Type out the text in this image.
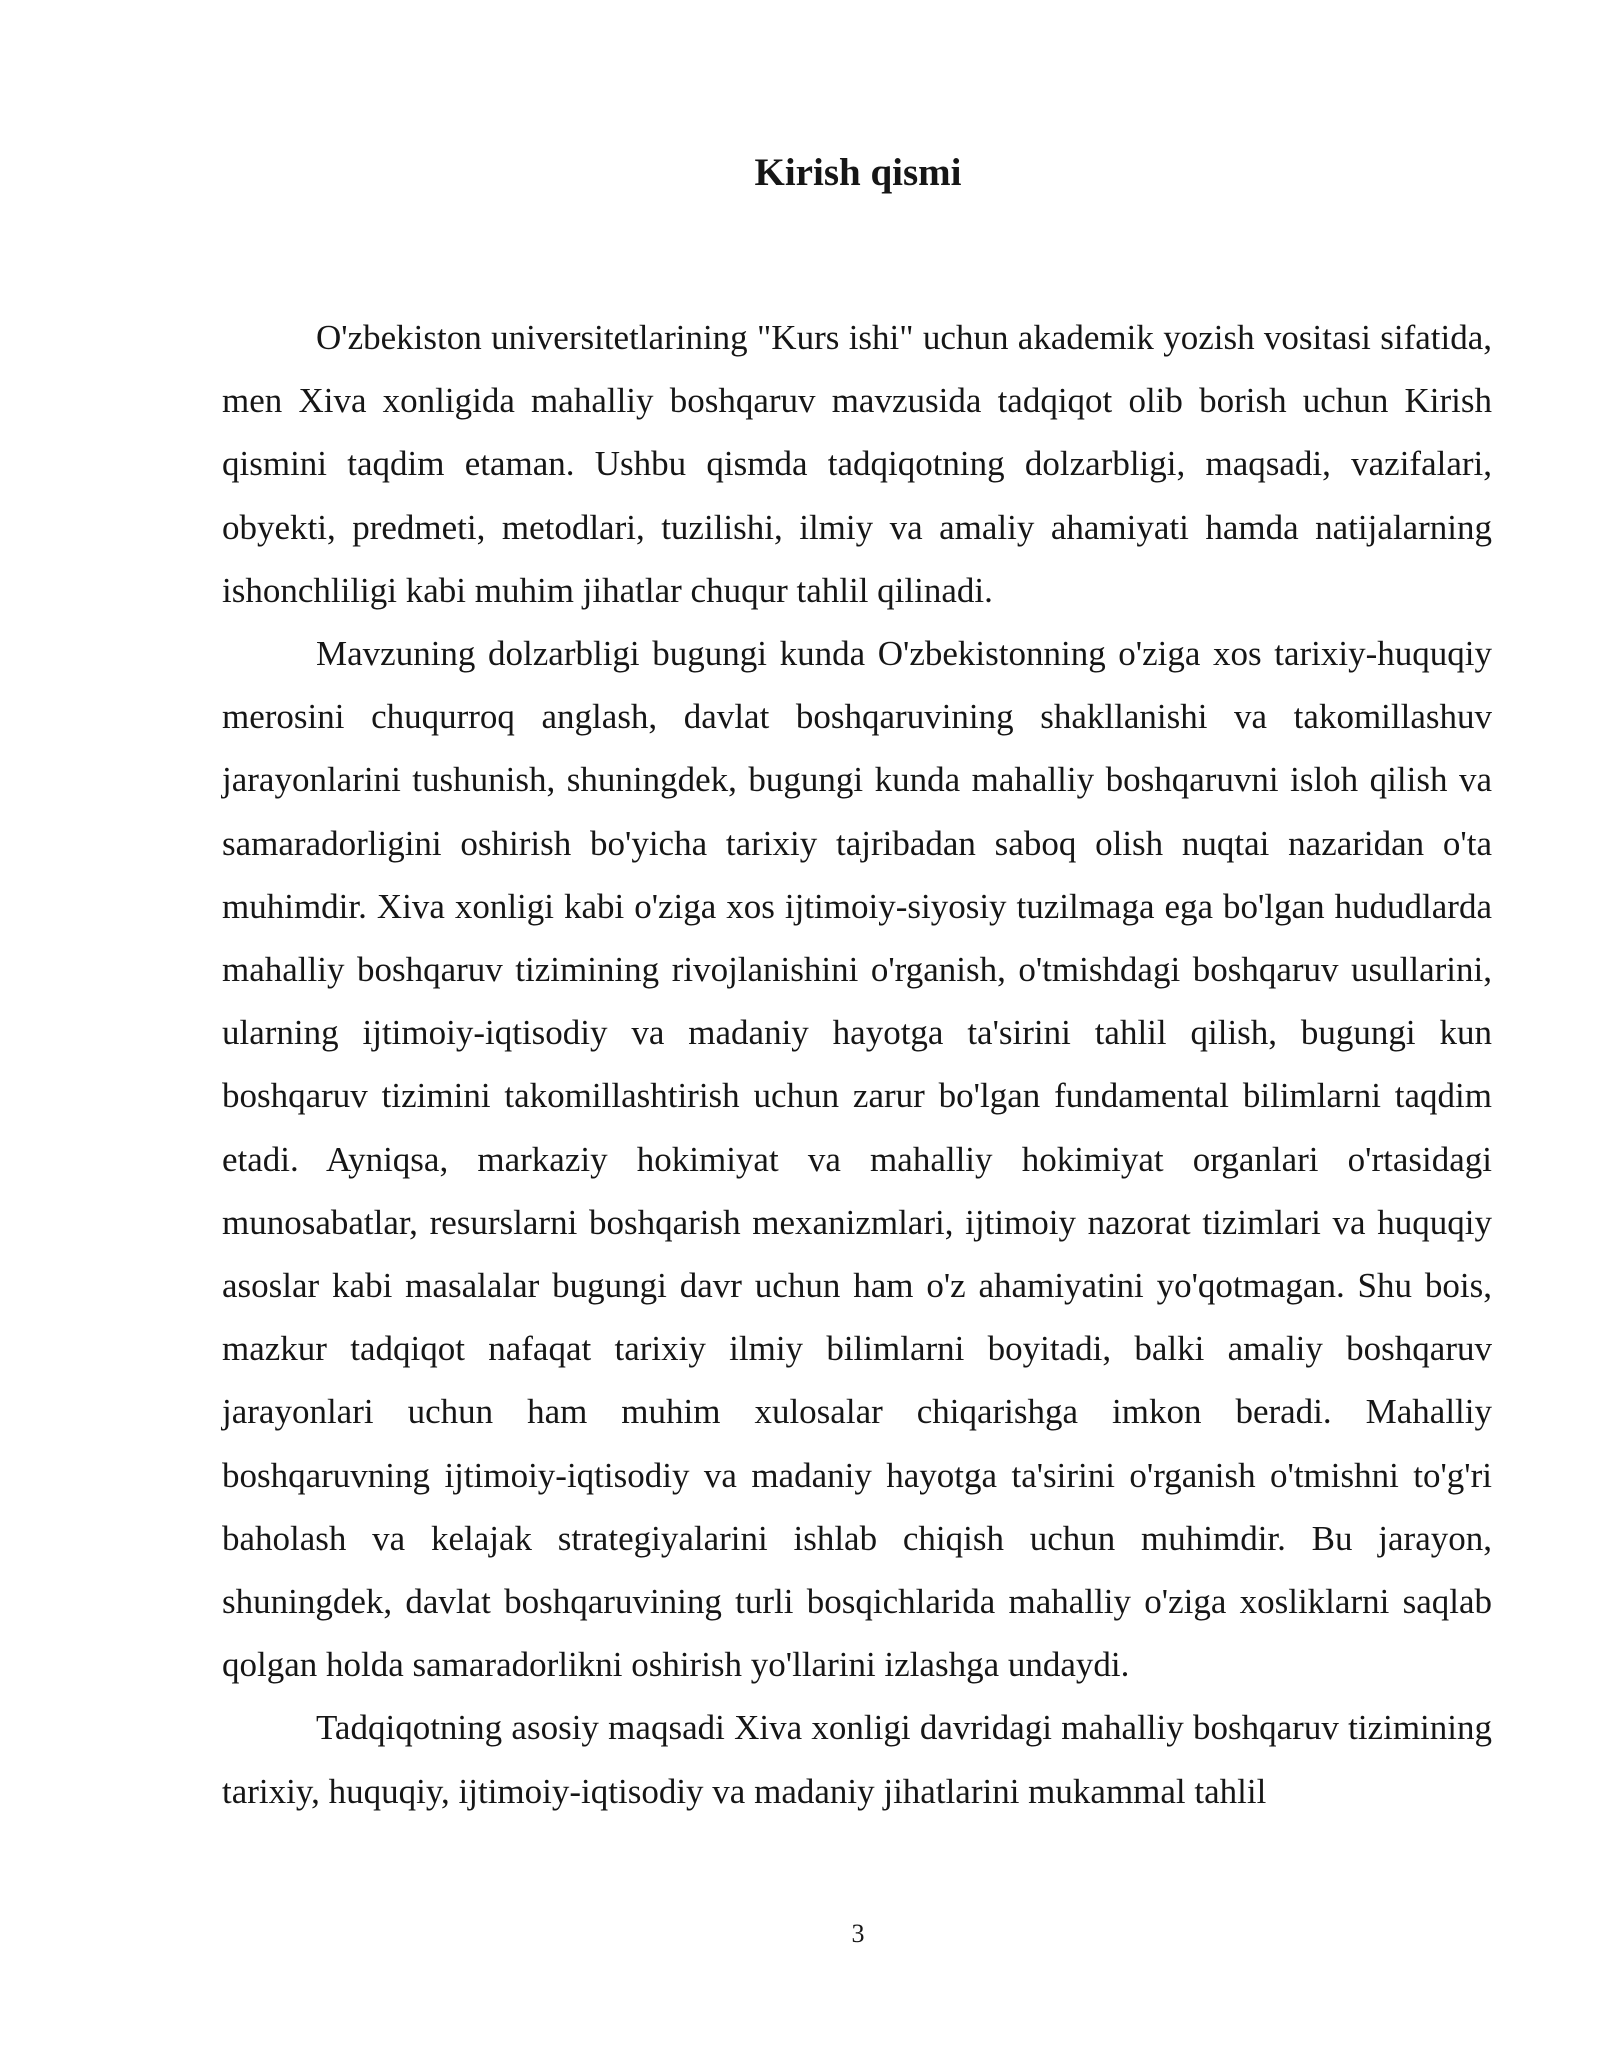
Kirish qismi

O'zbekiston universitetlarining "Kurs ishi" uchun akademik yozish vositasi sifatida, men Xiva xonligida mahalliy boshqaruv mavzusida tadqiqot olib borish uchun Kirish qismini taqdim etaman. Ushbu qismda tadqiqotning dolzarbligi, maqsadi, vazifalari, obyekti, predmeti, metodlari, tuzilishi, ilmiy va amaliy ahamiyati hamda natijalarning ishonchliligi kabi muhim jihatlar chuqur tahlil qilinadi.

Mavzuning dolzarbligi bugungi kunda O'zbekistonning o'ziga xos tarixiy-huquqiy merosini chuqurroq anglash, davlat boshqaruvining shakllanishi va takomillashuv jarayonlarini tushunish, shuningdek, bugungi kunda mahalliy boshqaruvni isloh qilish va samaradorligini oshirish bo'yicha tarixiy tajribadan saboq olish nuqtai nazaridan o'ta muhimdir. Xiva xonligi kabi o'ziga xos ijtimoiy-siyosiy tuzilmaga ega bo'lgan hududlarda mahalliy boshqaruv tizimining rivojlanishini o'rganish, o'tmishdagi boshqaruv usullarini, ularning ijtimoiy-iqtisodiy va madaniy hayotga ta'sirini tahlil qilish, bugungi kun boshqaruv tizimini takomillashtirish uchun zarur bo'lgan fundamental bilimlarni taqdim etadi. Ayniqsa, markaziy hokimiyat va mahalliy hokimiyat organlari o'rtasidagi munosabatlar, resurslarni boshqarish mexanizmlari, ijtimoiy nazorat tizimlari va huquqiy asoslar kabi masalalar bugungi davr uchun ham o'z ahamiyatini yo'qotmagan. Shu bois, mazkur tadqiqot nafaqat tarixiy ilmiy bilimlarni boyitadi, balki amaliy boshqaruv jarayonlari uchun ham muhim xulosalar chiqarishga imkon beradi. Mahalliy boshqaruvning ijtimoiy-iqtisodiy va madaniy hayotga ta'sirini o'rganish o'tmishni to'g'ri baholash va kelajak strategiyalarini ishlab chiqish uchun muhimdir. Bu jarayon, shuningdek, davlat boshqaruvining turli bosqichlarida mahalliy o'ziga xosliklarni saqlab qolgan holda samaradorlikni oshirish yo'llarini izlashga undaydi.

Tadqiqotning asosiy maqsadi Xiva xonligi davridagi mahalliy boshqaruv tizimining tarixiy, huquqiy, ijtimoiy-iqtisodiy va madaniy jihatlarini mukammal tahlil

3
